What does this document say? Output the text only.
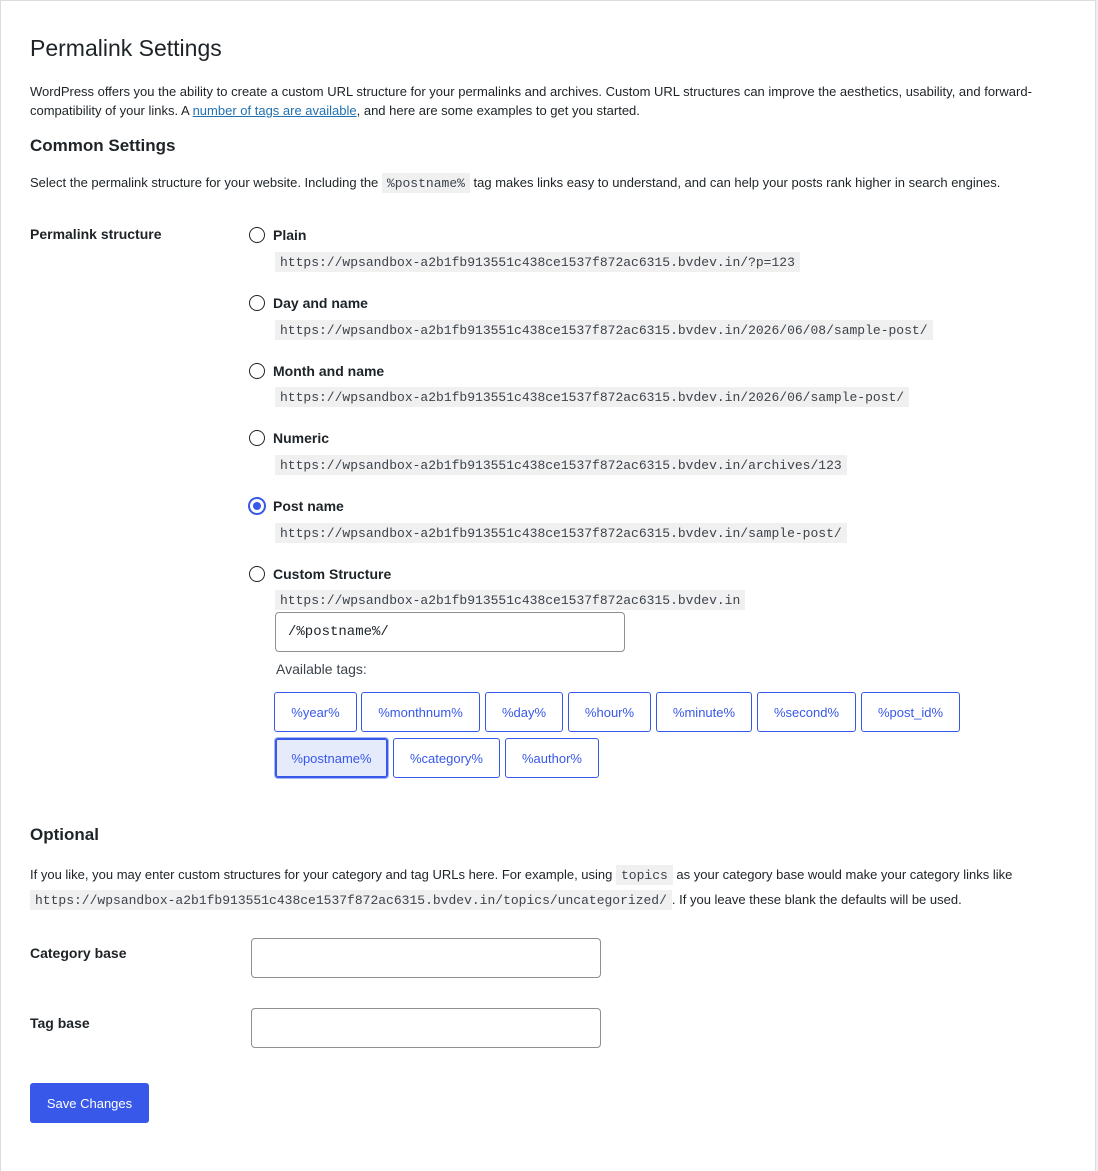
Permalink Settings

WordPress offers you the ability to create a custom URL structure for your permalinks and archives. Custom URL structures can improve the aesthetics, usability, and forward-compatibility of your links. A number of tags are available, and here are some examples to get you started.

Common Settings

Select the permalink structure for your website. Including the %postname% tag makes links easy to understand, and can help your posts rank higher in search engines.

Permalink structure	Plain
https://wpsandbox-a2b1fb913551c438ce1537f872ac6315.bvdev.in/?p=123
Day and name
https://wpsandbox-a2b1fb913551c438ce1537f872ac6315.bvdev.in/2026/06/08/sample-post/
Month and name
https://wpsandbox-a2b1fb913551c438ce1537f872ac6315.bvdev.in/2026/06/sample-post/
Numeric
https://wpsandbox-a2b1fb913551c438ce1537f872ac6315.bvdev.in/archives/123
Post name
https://wpsandbox-a2b1fb913551c438ce1537f872ac6315.bvdev.in/sample-post/
Custom Structure
https://wpsandbox-a2b1fb913551c438ce1537f872ac6315.bvdev.in
/%postname%/
Available tags:
%year%	%monthnum%	%day%	%hour%	%minute%	%second%	%post_id%
%postname%	%category%	%author%
Optional

If you like, you may enter custom structures for your category and tag URLs here. For example, using topics as your category base would make your category links like
https://wpsandbox-a2b1fb913551c438ce1537f872ac6315.bvdev.in/topics/uncategorized/ . If you leave these blank the defaults will be used.

Category base
Tag base
Save Changes
